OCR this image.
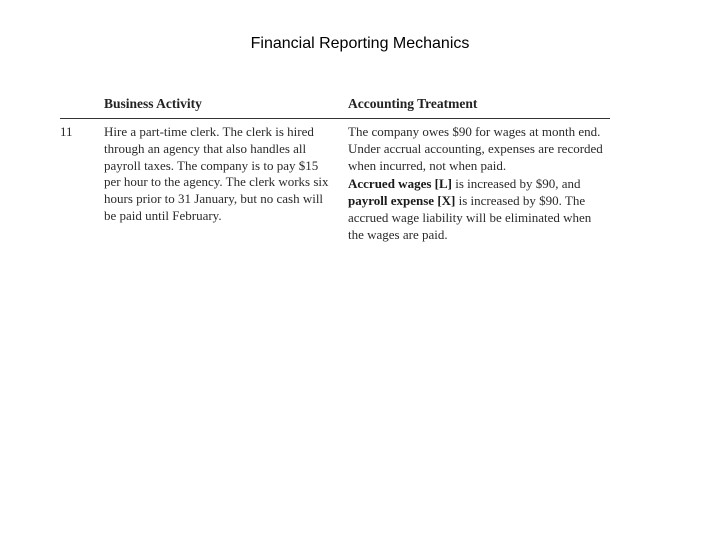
Financial Reporting Mechanics
Business Activity	Accounting Treatment
11 Hire a part-time clerk. The clerk is hired through an agency that also handles all payroll taxes. The company is to pay $15 per hour to the agency. The clerk works six hours prior to 31 January, but no cash will be paid until February.

The company owes $90 for wages at month end. Under accrual accounting, expenses are recorded when incurred, not when paid.

Accrued wages [L] is increased by $90, and payroll expense [X] is increased by $90. The accrued wage liability will be eliminated when the wages are paid.
